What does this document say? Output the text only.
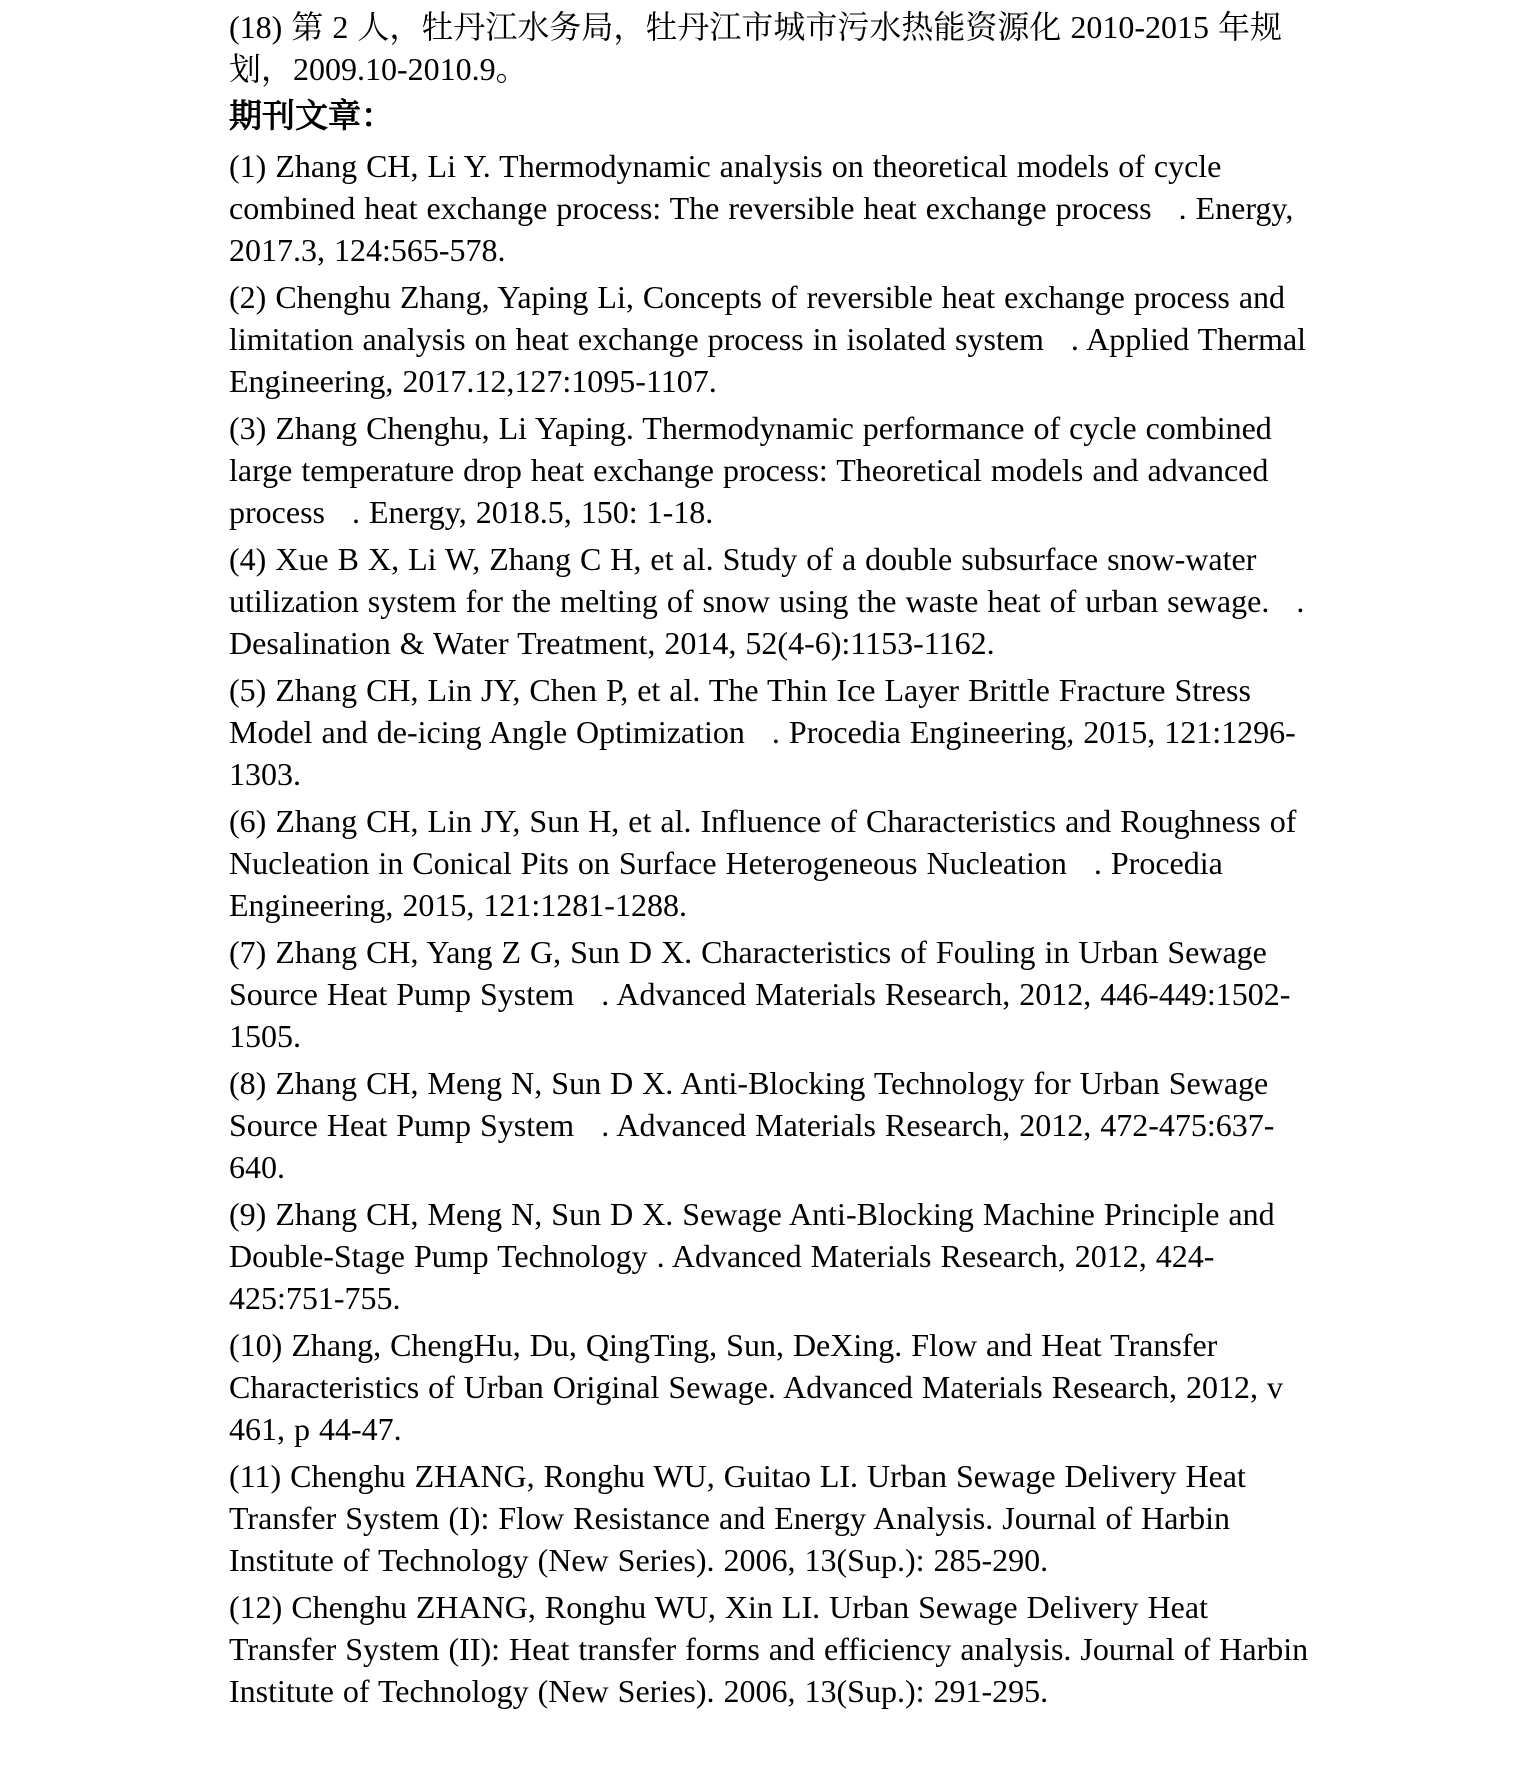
(18) 第 2 人，牡丹江水务局，牡丹江市城市污水热能资源化 2010-2015 年规划，2009.10-2010.9。

期刊文章：

(1) Zhang CH, Li Y. Thermodynamic analysis on theoretical models of cycle combined heat exchange process: The reversible heat exchange process   . Energy, 2017.3, 124:565-578.

(2) Chenghu Zhang, Yaping Li, Concepts of reversible heat exchange process and limitation analysis on heat exchange process in isolated system   . Applied Thermal Engineering, 2017.12,127:1095-1107.

(3) Zhang Chenghu, Li Yaping. Thermodynamic performance of cycle combined large temperature drop heat exchange process: Theoretical models and advanced process   . Energy, 2018.5, 150: 1-18.

(4) Xue B X, Li W, Zhang C H, et al. Study of a double subsurface snow-water utilization system for the melting of snow using the waste heat of urban sewage.   . Desalination & Water Treatment, 2014, 52(4-6):1153-1162.

(5) Zhang CH, Lin JY, Chen P, et al. The Thin Ice Layer Brittle Fracture Stress Model and de-icing Angle Optimization   . Procedia Engineering, 2015, 121:1296-1303.

(6) Zhang CH, Lin JY, Sun H, et al. Influence of Characteristics and Roughness of Nucleation in Conical Pits on Surface Heterogeneous Nucleation   . Procedia Engineering, 2015, 121:1281-1288.

(7) Zhang CH, Yang Z G, Sun D X. Characteristics of Fouling in Urban Sewage Source Heat Pump System   . Advanced Materials Research, 2012, 446-449:1502-1505.

(8) Zhang CH, Meng N, Sun D X. Anti-Blocking Technology for Urban Sewage Source Heat Pump System   . Advanced Materials Research, 2012, 472-475:637-640.

(9) Zhang CH, Meng N, Sun D X. Sewage Anti-Blocking Machine Principle and Double-Stage Pump Technology . Advanced Materials Research, 2012, 424-425:751-755.

(10) Zhang, ChengHu, Du, QingTing, Sun, DeXing. Flow and Heat Transfer Characteristics of Urban Original Sewage. Advanced Materials Research, 2012, v 461, p 44-47.

(11) Chenghu ZHANG, Ronghu WU, Guitao LI. Urban Sewage Delivery Heat Transfer System (I): Flow Resistance and Energy Analysis. Journal of Harbin Institute of Technology (New Series). 2006, 13(Sup.): 285-290.

(12) Chenghu ZHANG, Ronghu WU, Xin LI. Urban Sewage Delivery Heat Transfer System (II): Heat transfer forms and efficiency analysis. Journal of Harbin Institute of Technology (New Series). 2006, 13(Sup.): 291-295.
